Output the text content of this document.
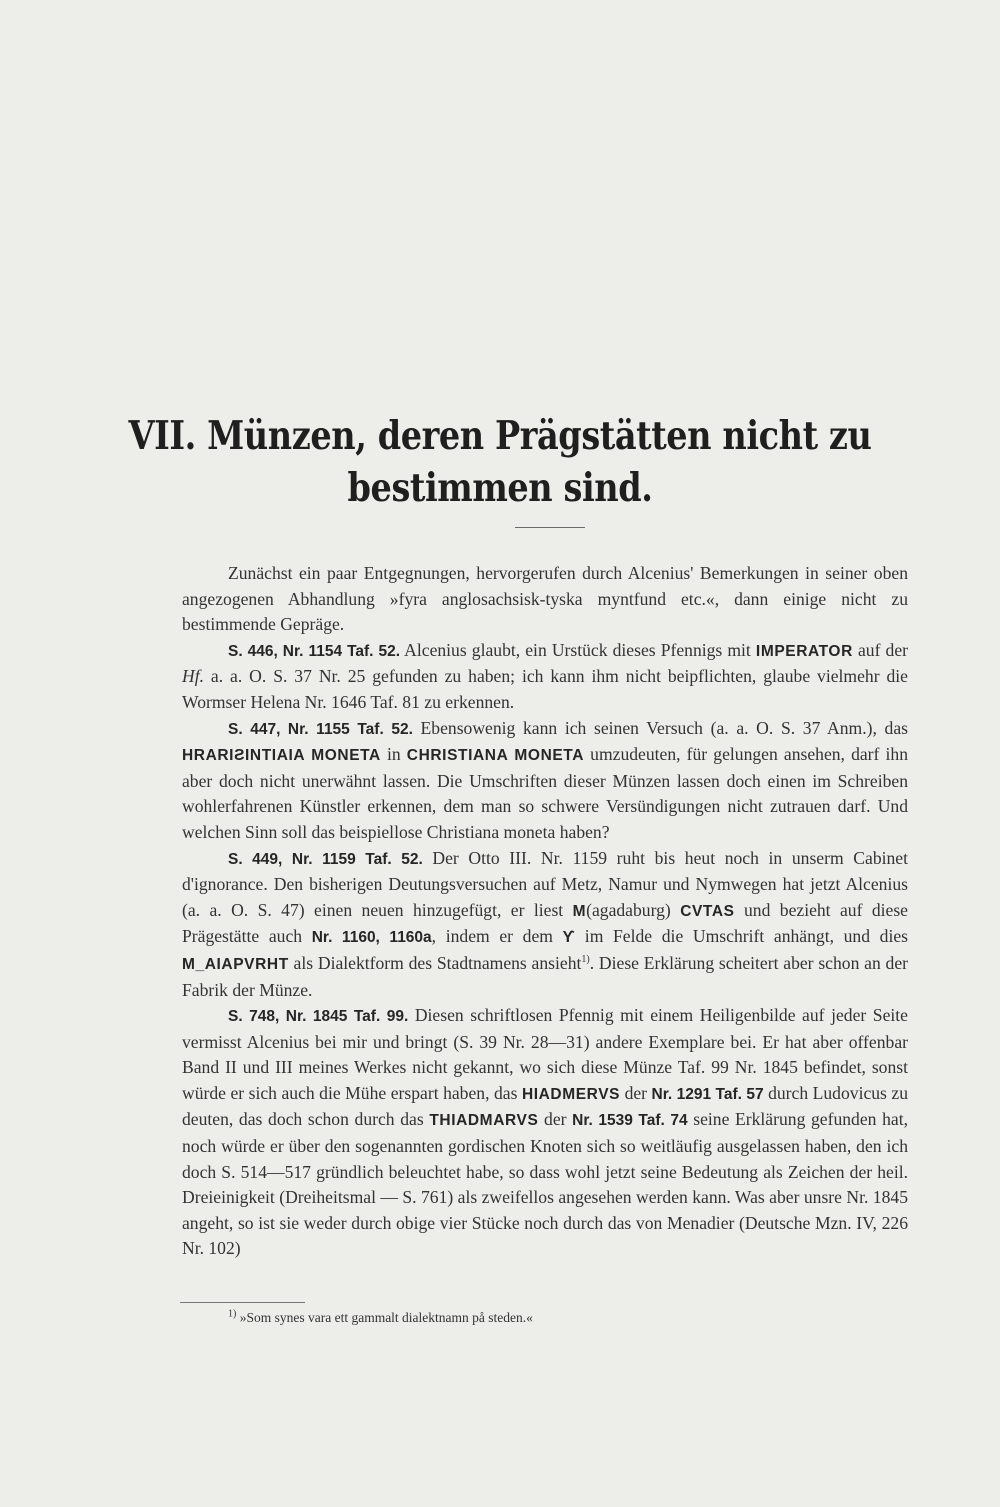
VII. Münzen, deren Prägstätten nicht zu
bestimmen sind.

Zunächst ein paar Entgegnungen, hervorgerufen durch Alcenius' Bemerkungen in seiner oben angezogenen Abhandlung »fyra anglosachsisk-tyska myntfund etc.«, dann einige nicht zu bestimmende Gepräge.

S. 446, Nr. 1154 Taf. 52. Alcenius glaubt, ein Urstück dieses Pfennigs mit IMPERATOR auf der Hf. a. a. O. S. 37 Nr. 25 gefunden zu haben; ich kann ihm nicht beipflichten, glaube vielmehr die Wormser Helena Nr. 1646 Taf. 81 zu erkennen.

S. 447, Nr. 1155 Taf. 52. Ebensowenig kann ich seinen Versuch (a. a. O. S. 37 Anm.), das HRARIƧINTIAIA MONETA in CHRISTIANA MONETA umzudeuten, für gelungen ansehen, darf ihn aber doch nicht unerwähnt lassen. Die Umschriften dieser Münzen lassen doch einen im Schreiben wohlerfahrenen Künstler erkennen, dem man so schwere Versündigungen nicht zutrauen darf. Und welchen Sinn soll das beispiellose Christiana moneta haben?

S. 449, Nr. 1159 Taf. 52. Der Otto III. Nr. 1159 ruht bis heut noch in unserm Cabinet d'ignorance. Den bisherigen Deutungsversuchen auf Metz, Namur und Nymwegen hat jetzt Alcenius (a. a. O. S. 47) einen neuen hinzugefügt, er liest M(agadaburg) CVTAS und bezieht auf diese Prägestätte auch Nr. 1160, 1160a, indem er dem ϒ im Felde die Umschrift anhängt, und dies M_AIAPVRHT als Dialektform des Stadtnamens ansieht$^{1)}$. Diese Erklärung scheitert aber schon an der Fabrik der Münze.

S. 748, Nr. 1845 Taf. 99. Diesen schriftlosen Pfennig mit einem Heiligenbilde auf jeder Seite vermisst Alcenius bei mir und bringt (S. 39 Nr. 28—31) andere Exemplare bei. Er hat aber offenbar Band II und III meines Werkes nicht gekannt, wo sich diese Münze Taf. 99 Nr. 1845 befindet, sonst würde er sich auch die Mühe erspart haben, das HIADMERVS der Nr. 1291 Taf. 57 durch Ludovicus zu deuten, das doch schon durch das THIADMARVS der Nr. 1539 Taf. 74 seine Erklärung gefunden hat, noch würde er über den sogenannten gordischen Knoten sich so weitläufig ausgelassen haben, den ich doch S. 514—517 gründlich beleuchtet habe, so dass wohl jetzt seine Bedeutung als Zeichen der heil. Dreieinigkeit (Dreiheitsmal — S. 761) als zweifellos angesehen werden kann. Was aber unsre Nr. 1845 angeht, so ist sie weder durch obige vier Stücke noch durch das von Menadier (Deutsche Mzn. IV, 226 Nr. 102)

$^{1)}$ »Som synes vara ett gammalt dialektnamn på steden.«
